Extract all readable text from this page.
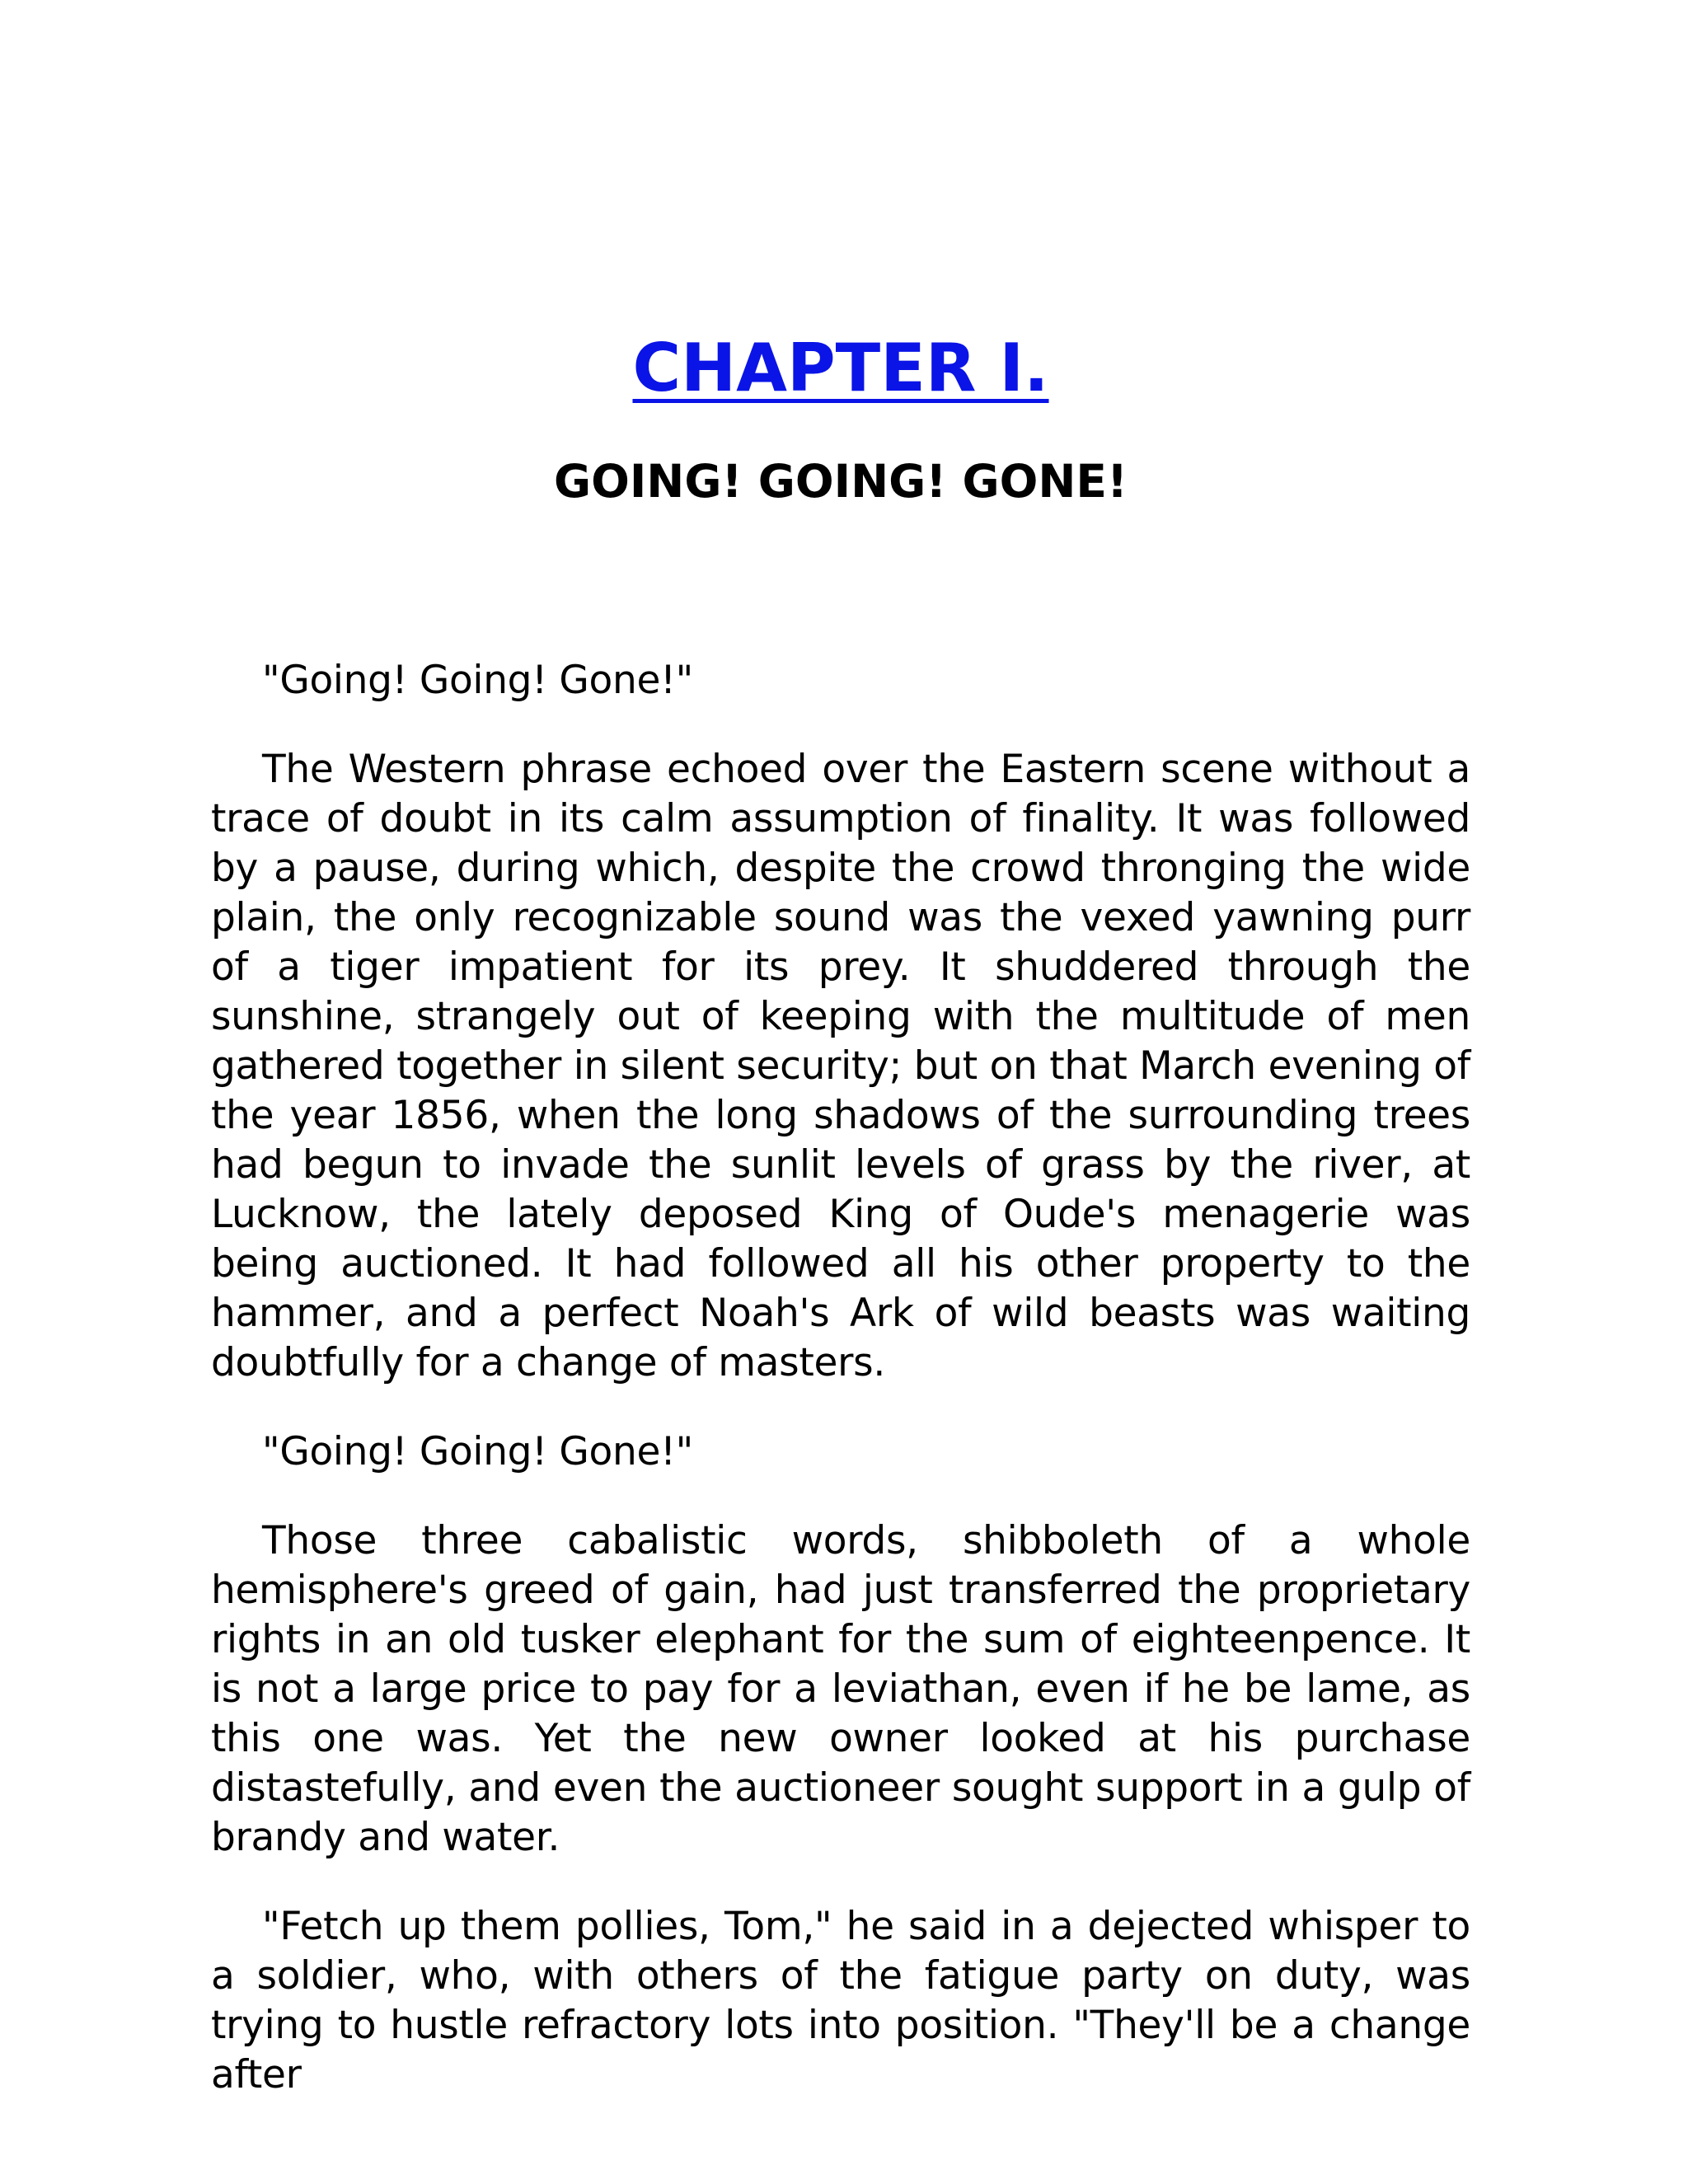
CHAPTER I.
GOING! GOING! GONE!

"Going! Going! Gone!"

The Western phrase echoed over the Eastern scene without a trace of doubt in its calm assumption of finality. It was followed by a pause, during which, despite the crowd thronging the wide plain, the only recognizable sound was the vexed yawning purr of a tiger impatient for its prey. It shuddered through the sunshine, strangely out of keeping with the multitude of men gathered together in silent security; but on that March evening of the year 1856, when the long shadows of the surrounding trees had begun to invade the sunlit levels of grass by the river, at Lucknow, the lately deposed King of Oude's menagerie was being auctioned. It had followed all his other property to the hammer, and a perfect Noah's Ark of wild beasts was waiting doubtfully for a change of masters.

"Going! Going! Gone!"

Those three cabalistic words, shibboleth of a whole hemisphere's greed of gain, had just transferred the proprietary rights in an old tusker elephant for the sum of eighteenpence. It is not a large price to pay for a leviathan, even if he be lame, as this one was. Yet the new owner looked at his purchase distastefully, and even the auctioneer sought support in a gulp of brandy and water.

"Fetch up them pollies, Tom," he said in a dejected whisper to a soldier, who, with others of the fatigue party on duty, was trying to hustle refractory lots into position. "They'll be a change after
